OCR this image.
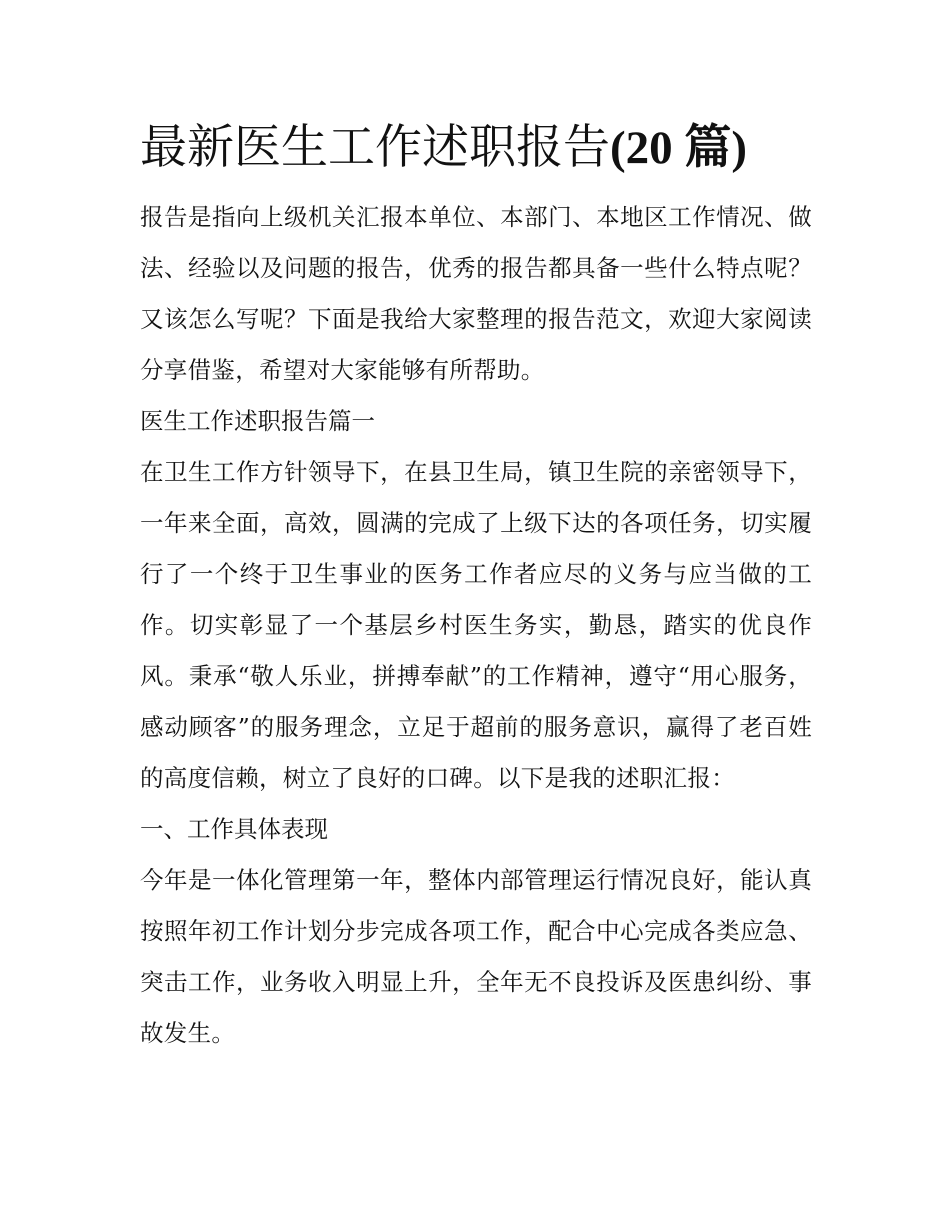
最新医生工作述职报告(20 篇)

报告是指向上级机关汇报本单位、本部门、本地区工作情况、做法、经验以及问题的报告，优秀的报告都具备一些什么特点呢？又该怎么写呢？下面是我给大家整理的报告范文，欢迎大家阅读分享借鉴，希望对大家能够有所帮助。

医生工作述职报告篇一

在卫生工作方针领导下，在县卫生局，镇卫生院的亲密领导下，一年来全面，高效，圆满的完成了上级下达的各项任务，切实履行了一个终于卫生事业的医务工作者应尽的义务与应当做的工作。切实彰显了一个基层乡村医生务实，勤恳，踏实的优良作风。秉承“敬人乐业，拼搏奉献”的工作精神，遵守“用心服务，感动顾客”的服务理念，立足于超前的服务意识，赢得了老百姓的高度信赖，树立了良好的口碑。以下是我的述职汇报：

一、工作具体表现

今年是一体化管理第一年，整体内部管理运行情况良好，能认真按照年初工作计划分步完成各项工作，配合中心完成各类应急、突击工作，业务收入明显上升，全年无不良投诉及医患纠纷、事故发生。
